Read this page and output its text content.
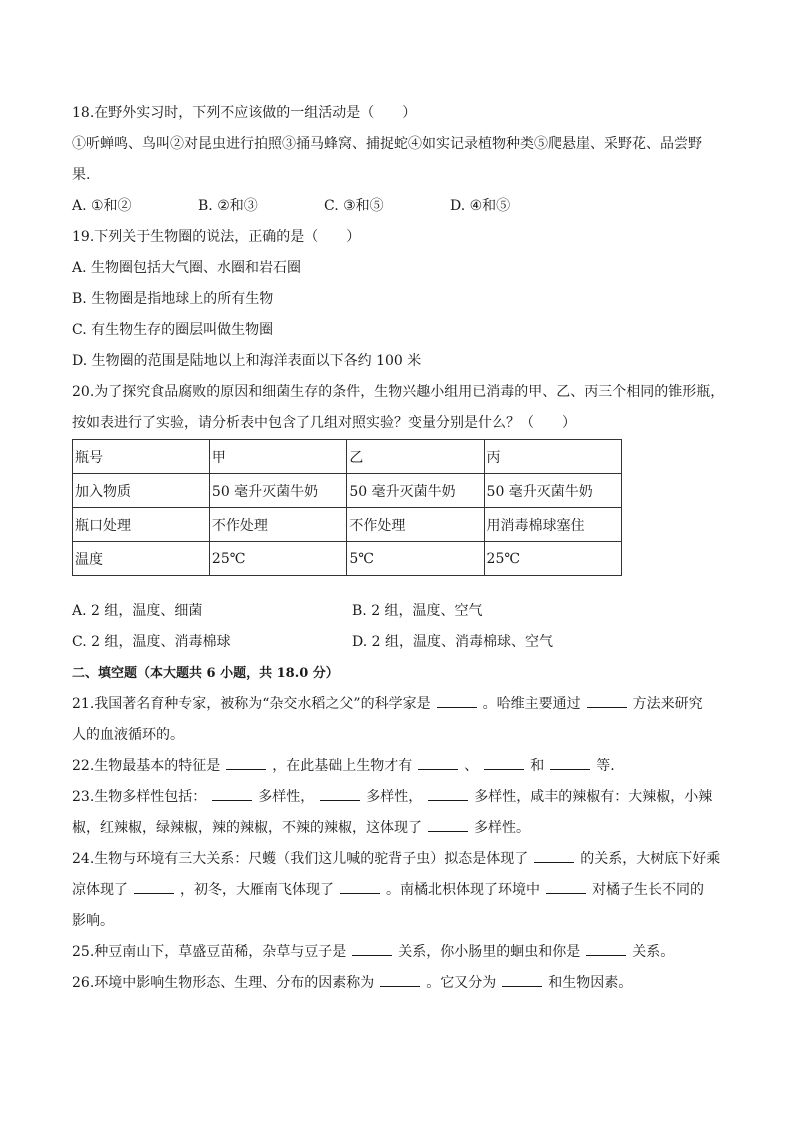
18.在野外实习时，下列不应该做的一组活动是（　　）
①听蝉鸣、鸟叫②对昆虫进行拍照③捅马蜂窝、捕捉蛇④如实记录植物种类⑤爬悬崖、采野花、品尝野
果.
A. ①和②	B. ②和③	C. ③和⑤	D. ④和⑤
19.下列关于生物圈的说法，正确的是（　　）
A. 生物圈包括大气圈、水圈和岩石圈
B. 生物圈是指地球上的所有生物
C. 有生物生存的圈层叫做生物圈
D. 生物圈的范围是陆地以上和海洋表面以下各约 100 米
20.为了探究食品腐败的原因和细菌生存的条件，生物兴趣小组用已消毒的甲、乙、丙三个相同的锥形瓶，
按如表进行了实验，请分析表中包含了几组对照实验？变量分别是什么？（　　）
瓶号	甲	乙	丙
加入物质	50 毫升灭菌牛奶	50 毫升灭菌牛奶	50 毫升灭菌牛奶
瓶口处理	不作处理	不作处理	用消毒棉球塞住
温度	25℃	5℃	25℃
A. 2 组，温度、细菌	B. 2 组，温度、空气
C. 2 组，温度、消毒棉球	D. 2 组，温度、消毒棉球、空气
二、填空题（本大题共 6 小题，共 18.0 分）
21.我国著名育种专家，被称为“杂交水稻之父”的科学家是	。哈维主要通过	方法来研究
人的血液循环的。
22.生物最基本的特征是	，在此基础上生物才有	、	和	等.
23.生物多样性包括：	多样性，	多样性，	多样性，咸丰的辣椒有：大辣椒，小辣
椒，红辣椒，绿辣椒，辣的辣椒，不辣的辣椒，这体现了	多样性。
24.生物与环境有三大关系：尺蠖（我们这儿喊的驼背子虫）拟态是体现了	的关系，大树底下好乘
凉体现了	，初冬，大雁南飞体现了	。南橘北枳体现了环境中	对橘子生长不同的
影响。
25.种豆南山下，草盛豆苗稀，杂草与豆子是	关系，你小肠里的蛔虫和你是	关系。
26.环境中影响生物形态、生理、分布的因素称为	。它又分为	和生物因素。
